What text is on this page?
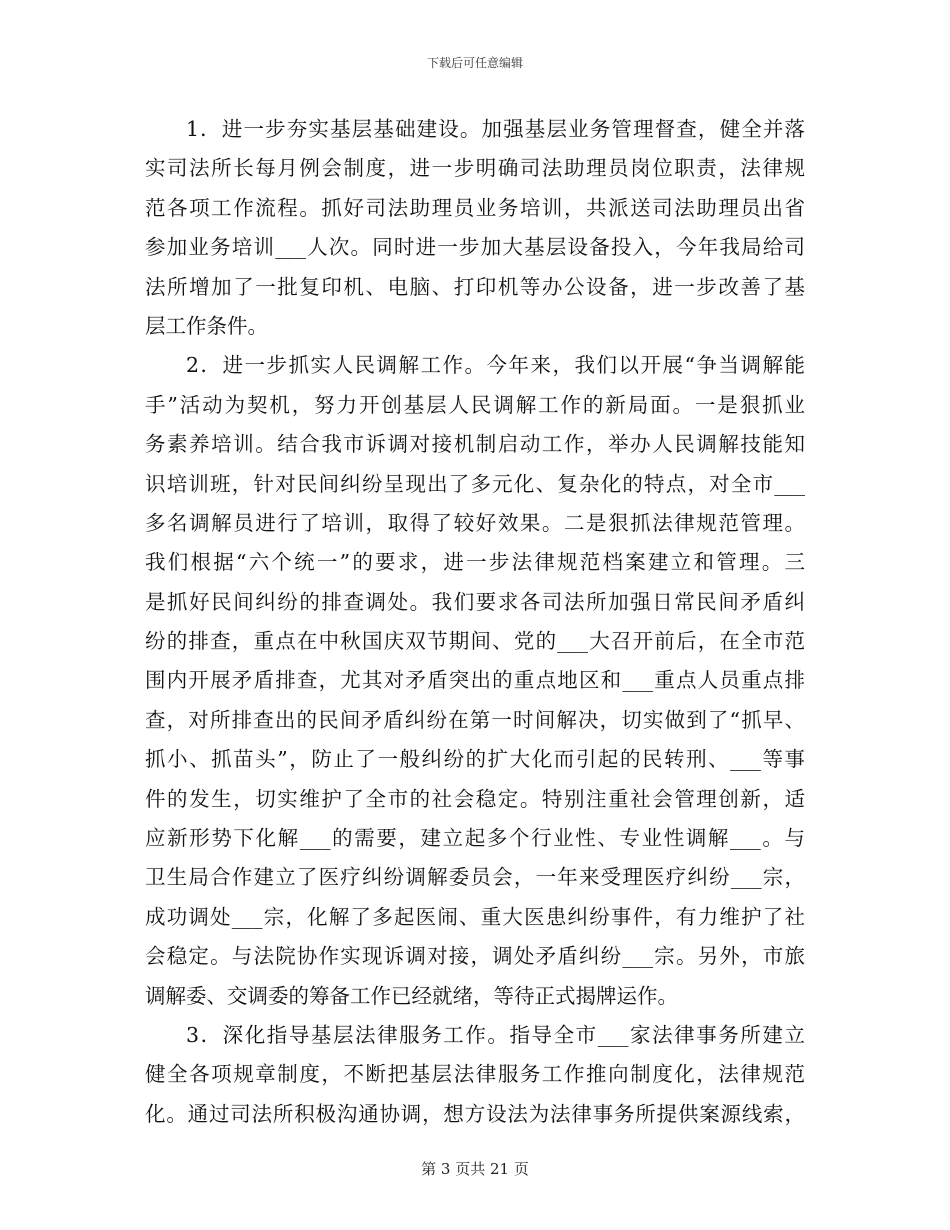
下载后可任意编辑
1．进一步夯实基层基础建设。加强基层业务管理督查，健全并落
实司法所长每月例会制度，进一步明确司法助理员岗位职责，法律规
范各项工作流程。抓好司法助理员业务培训，共派送司法助理员出省
参加业务培训___人次。同时进一步加大基层设备投入，今年我局给司
法所增加了一批复印机、电脑、打印机等办公设备，进一步改善了基
层工作条件。
2．进一步抓实人民调解工作。今年来，我们以开展“争当调解能
手”活动为契机，努力开创基层人民调解工作的新局面。一是狠抓业
务素养培训。结合我市诉调对接机制启动工作，举办人民调解技能知
识培训班，针对民间纠纷呈现出了多元化、复杂化的特点，对全市___
多名调解员进行了培训，取得了较好效果。二是狠抓法律规范管理。
我们根据“六个统一”的要求，进一步法律规范档案建立和管理。三
是抓好民间纠纷的排查调处。我们要求各司法所加强日常民间矛盾纠
纷的排查，重点在中秋国庆双节期间、党的___大召开前后，在全市范
围内开展矛盾排查，尤其对矛盾突出的重点地区和___重点人员重点排
查，对所排查出的民间矛盾纠纷在第一时间解决，切实做到了“抓早、
抓小、抓苗头”，防止了一般纠纷的扩大化而引起的民转刑、___等事
件的发生，切实维护了全市的社会稳定。特别注重社会管理创新，适
应新形势下化解___的需要，建立起多个行业性、专业性调解___。与
卫生局合作建立了医疗纠纷调解委员会，一年来受理医疗纠纷___宗，
成功调处___宗，化解了多起医闹、重大医患纠纷事件，有力维护了社
会稳定。与法院协作实现诉调对接，调处矛盾纠纷___宗。另外，市旅
调解委、交调委的筹备工作已经就绪，等待正式揭牌运作。
3．深化指导基层法律服务工作。指导全市___家法律事务所建立
健全各项规章制度，不断把基层法律服务工作推向制度化，法律规范
化。通过司法所积极沟通协调，想方设法为法律事务所提供案源线索，
第 3 页共 21 页
